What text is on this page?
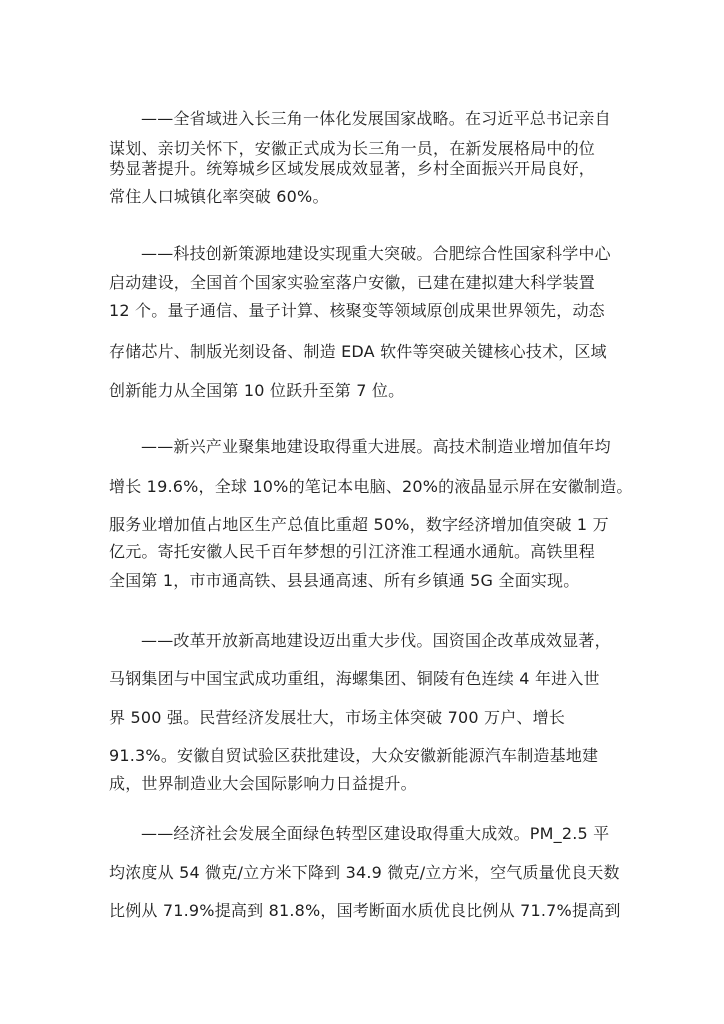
——全省域进入长三角一体化发展国家战略。在习近平总书记亲自
谋划、亲切关怀下，安徽正式成为长三角一员，在新发展格局中的位
势显著提升。统筹城乡区域发展成效显著，乡村全面振兴开局良好，
常住人口城镇化率突破 60%。
——科技创新策源地建设实现重大突破。合肥综合性国家科学中心
启动建设，全国首个国家实验室落户安徽，已建在建拟建大科学装置
12 个。量子通信、量子计算、核聚变等领域原创成果世界领先，动态
存储芯片、制版光刻设备、制造 EDA 软件等突破关键核心技术，区域
创新能力从全国第 10 位跃升至第 7 位。
——新兴产业聚集地建设取得重大进展。高技术制造业增加值年均
增长 19.6%，全球 10%的笔记本电脑、20%的液晶显示屏在安徽制造。
服务业增加值占地区生产总值比重超 50%，数字经济增加值突破 1 万
亿元。寄托安徽人民千百年梦想的引江济淮工程通水通航。高铁里程
全国第 1，市市通高铁、县县通高速、所有乡镇通 5G 全面实现。
——改革开放新高地建设迈出重大步伐。国资国企改革成效显著，
马钢集团与中国宝武成功重组，海螺集团、铜陵有色连续 4 年进入世
界 500 强。民营经济发展壮大，市场主体突破 700 万户、增长
91.3%。安徽自贸试验区获批建设，大众安徽新能源汽车制造基地建
成，世界制造业大会国际影响力日益提升。
——经济社会发展全面绿色转型区建设取得重大成效。PM_2.5 平
均浓度从 54 微克/立方米下降到 34.9 微克/立方米，空气质量优良天数
比例从 71.9%提高到 81.8%，国考断面水质优良比例从 71.7%提高到
